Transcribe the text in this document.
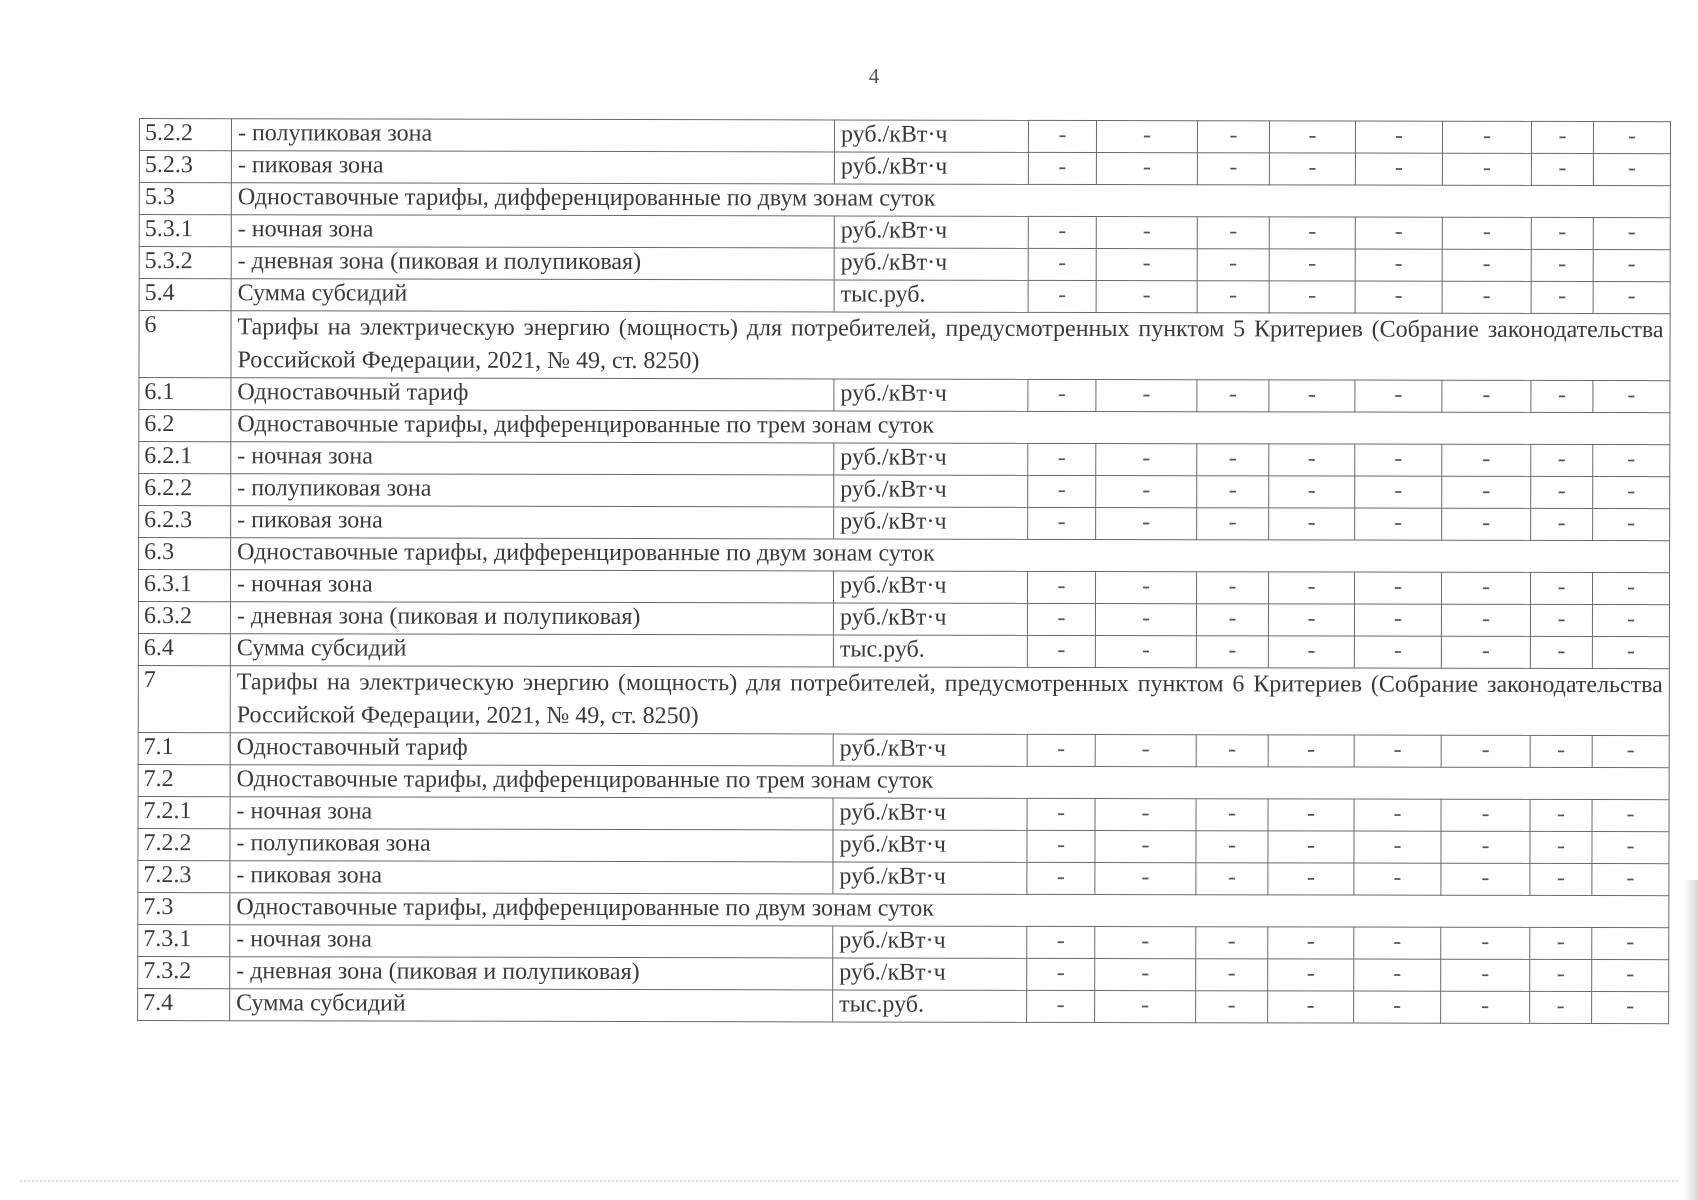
4
5.2.2	- полупиковая зона	руб./кВт·ч	-	-	-	-	-	-	-	-
5.2.3	- пиковая зона	руб./кВт·ч	-	-	-	-	-	-	-	-
5.3	Одноставочные тарифы, дифференцированные по двум зонам суток									
5.3.1	- ночная зона	руб./кВт·ч	-	-	-	-	-	-	-	-
5.3.2	- дневная зона (пиковая и полупиковая)	руб./кВт·ч	-	-	-	-	-	-	-	-
5.4	Сумма субсидий	тыс.руб.	-	-	-	-	-	-	-	-
6	Тарифы на электрическую энергию (мощность) для потребителей, предусмотренных пунктом 5 Критериев (Собрание законодательства Российской Федерации, 2021, № 49, ст. 8250)									
6.1	Одноставочный тариф	руб./кВт·ч	-	-	-	-	-	-	-	-
6.2	Одноставочные тарифы, дифференцированные по трем зонам суток									
6.2.1	- ночная зона	руб./кВт·ч	-	-	-	-	-	-	-	-
6.2.2	- полупиковая зона	руб./кВт·ч	-	-	-	-	-	-	-	-
6.2.3	- пиковая зона	руб./кВт·ч	-	-	-	-	-	-	-	-
6.3	Одноставочные тарифы, дифференцированные по двум зонам суток									
6.3.1	- ночная зона	руб./кВт·ч	-	-	-	-	-	-	-	-
6.3.2	- дневная зона (пиковая и полупиковая)	руб./кВт·ч	-	-	-	-	-	-	-	-
6.4	Сумма субсидий	тыс.руб.	-	-	-	-	-	-	-	-
7	Тарифы на электрическую энергию (мощность) для потребителей, предусмотренных пунктом 6 Критериев (Собрание законодательства Российской Федерации, 2021, № 49, ст. 8250)									
7.1	Одноставочный тариф	руб./кВт·ч	-	-	-	-	-	-	-	-
7.2	Одноставочные тарифы, дифференцированные по трем зонам суток									
7.2.1	- ночная зона	руб./кВт·ч	-	-	-	-	-	-	-	-
7.2.2	- полупиковая зона	руб./кВт·ч	-	-	-	-	-	-	-	-
7.2.3	- пиковая зона	руб./кВт·ч	-	-	-	-	-	-	-	-
7.3	Одноставочные тарифы, дифференцированные по двум зонам суток									
7.3.1	- ночная зона	руб./кВт·ч	-	-	-	-	-	-	-	-
7.3.2	- дневная зона (пиковая и полупиковая)	руб./кВт·ч	-	-	-	-	-	-	-	-
7.4	Сумма субсидий	тыс.руб.	-	-	-	-	-	-	-	-
